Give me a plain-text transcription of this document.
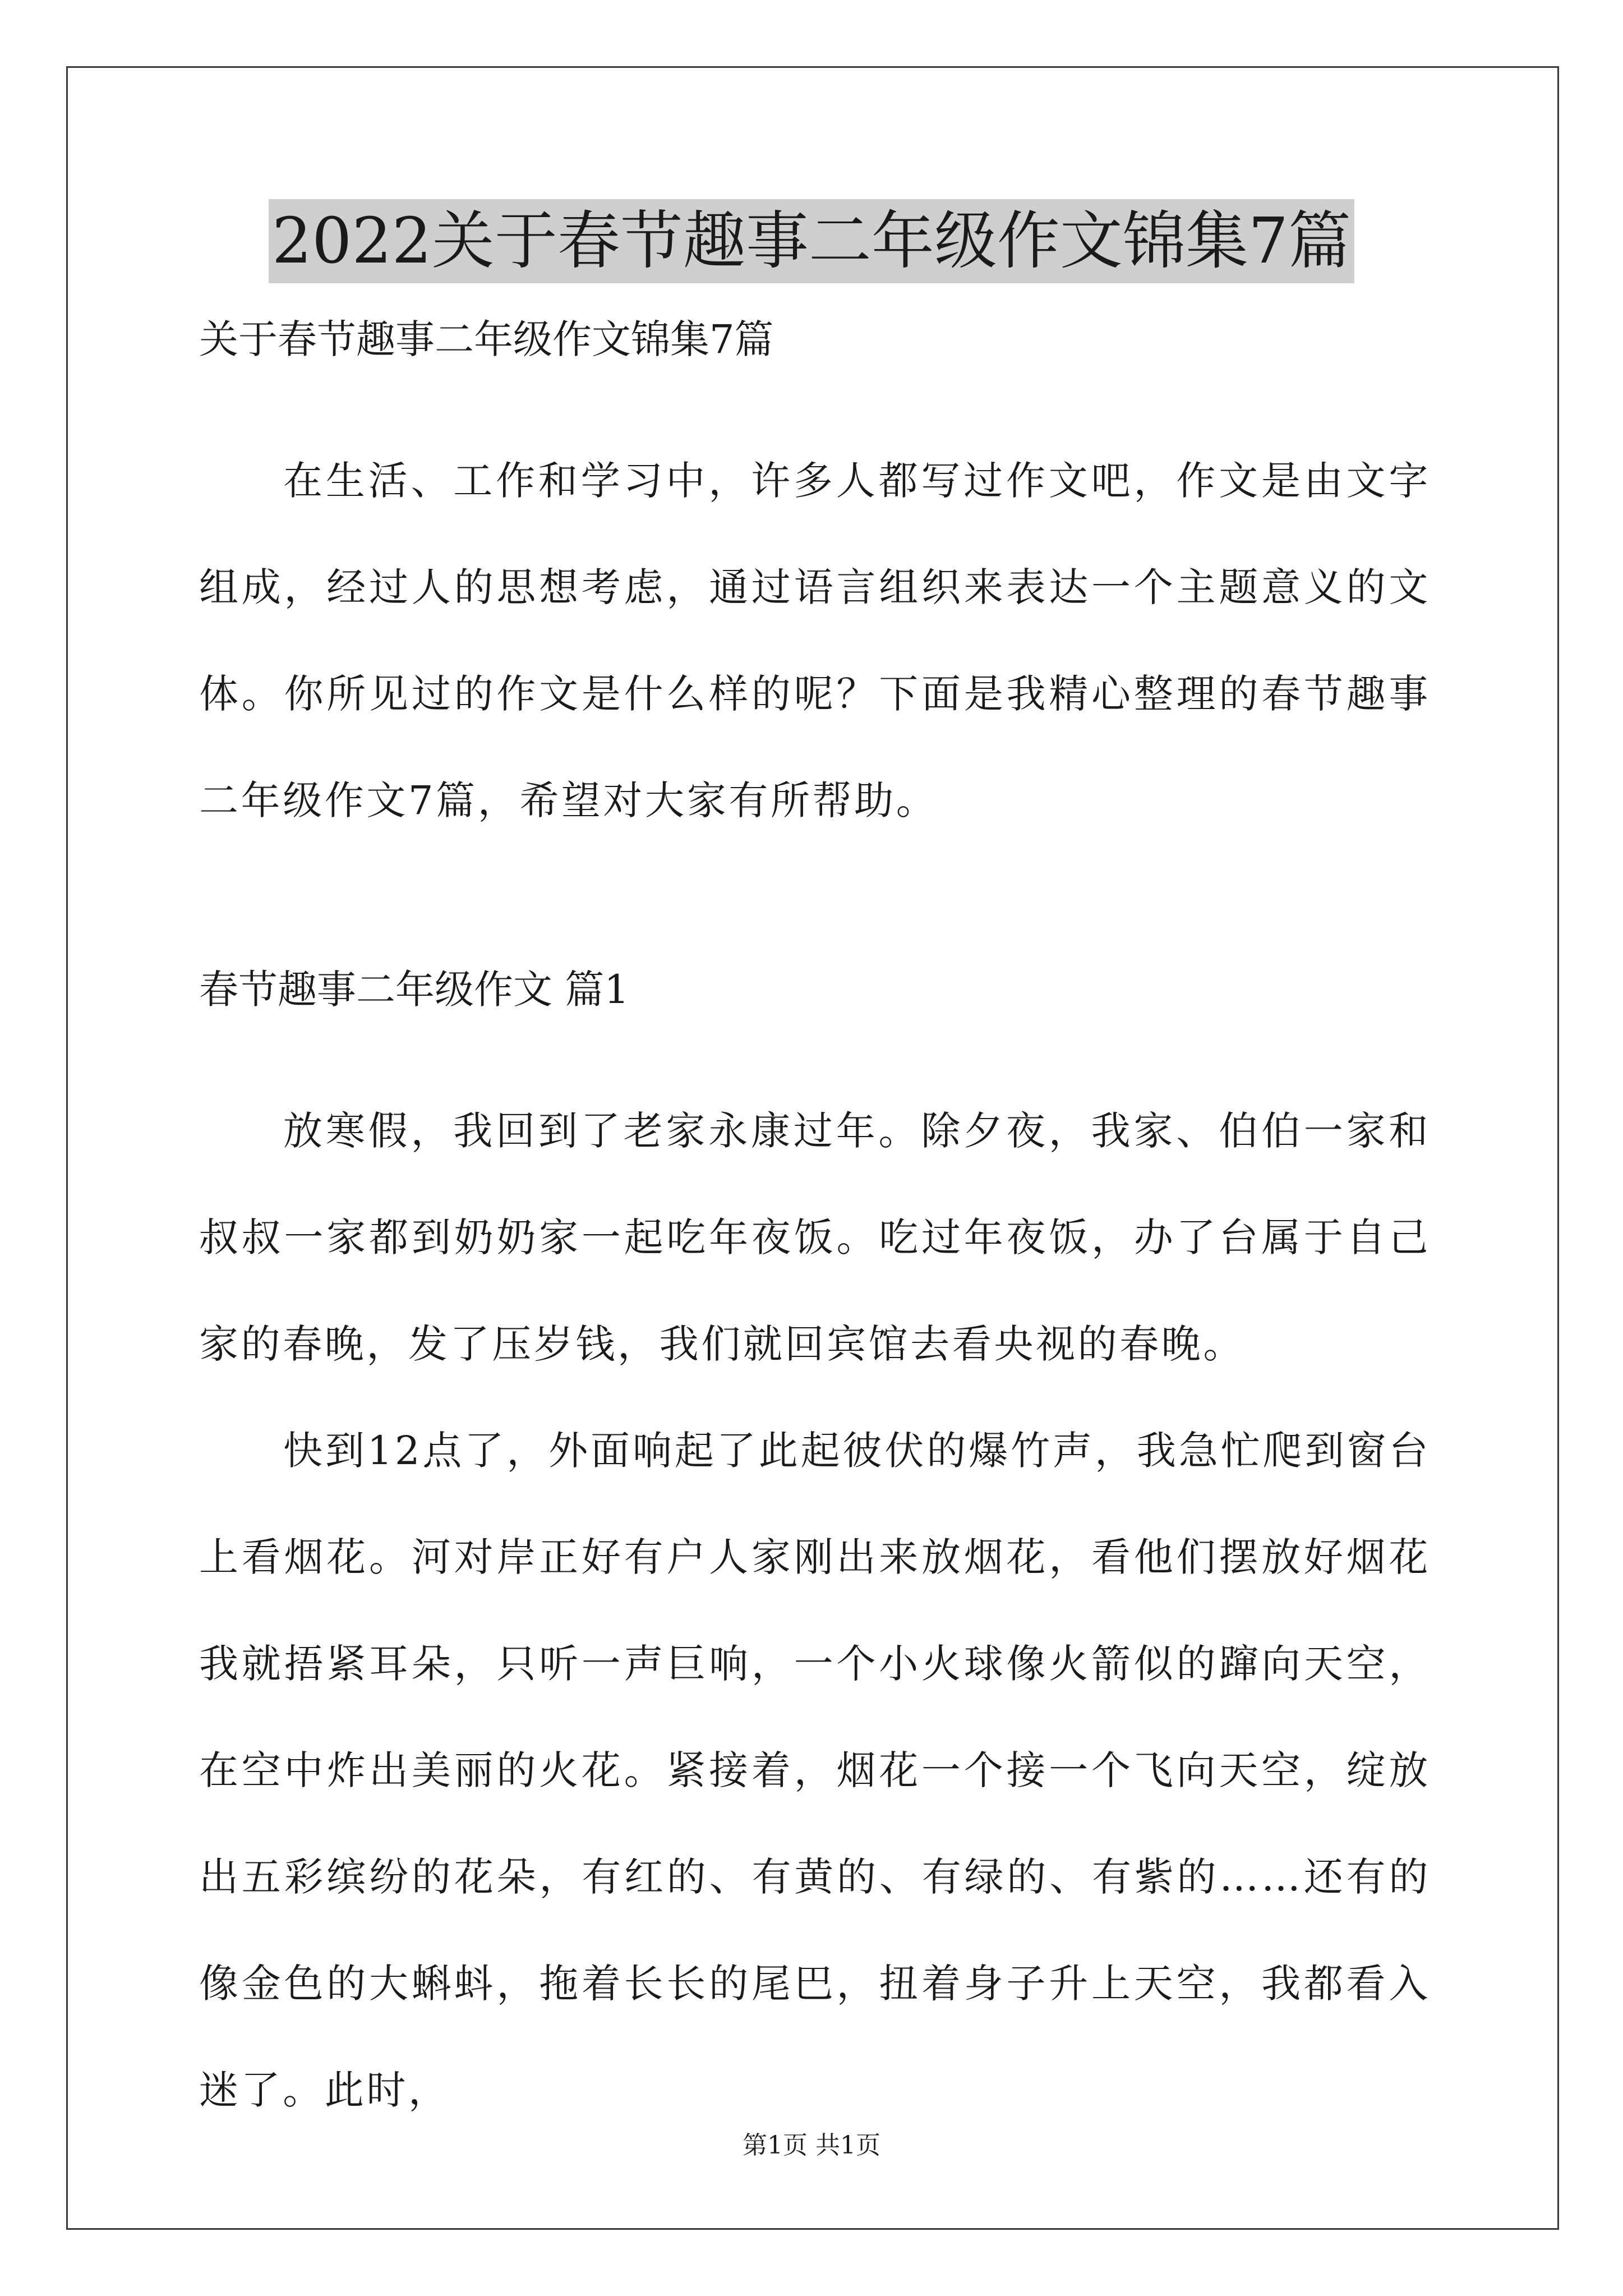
2022关于春节趣事二年级作文锦集7篇

关于春节趣事二年级作文锦集7篇

在生活、工作和学习中，许多人都写过作文吧，作文是由文字组成，经过人的思想考虑，通过语言组织来表达一个主题意义的文体。你所见过的作文是什么样的呢？下面是我精心整理的春节趣事二年级作文7篇，希望对大家有所帮助。

春节趣事二年级作文 篇1

放寒假，我回到了老家永康过年。除夕夜，我家、伯伯一家和叔叔一家都到奶奶家一起吃年夜饭。吃过年夜饭，办了台属于自己家的春晚，发了压岁钱，我们就回宾馆去看央视的春晚。

快到12点了，外面响起了此起彼伏的爆竹声，我急忙爬到窗台上看烟花。河对岸正好有户人家刚出来放烟花，看他们摆放好烟花我就捂紧耳朵，只听一声巨响，一个小火球像火箭似的蹿向天空，在空中炸出美丽的火花。紧接着，烟花一个接一个飞向天空，绽放出五彩缤纷的花朵，有红的、有黄的、有绿的、有紫的……还有的像金色的大蝌蚪，拖着长长的尾巴，扭着身子升上天空，我都看入迷了。此时，

第1页 共1页
